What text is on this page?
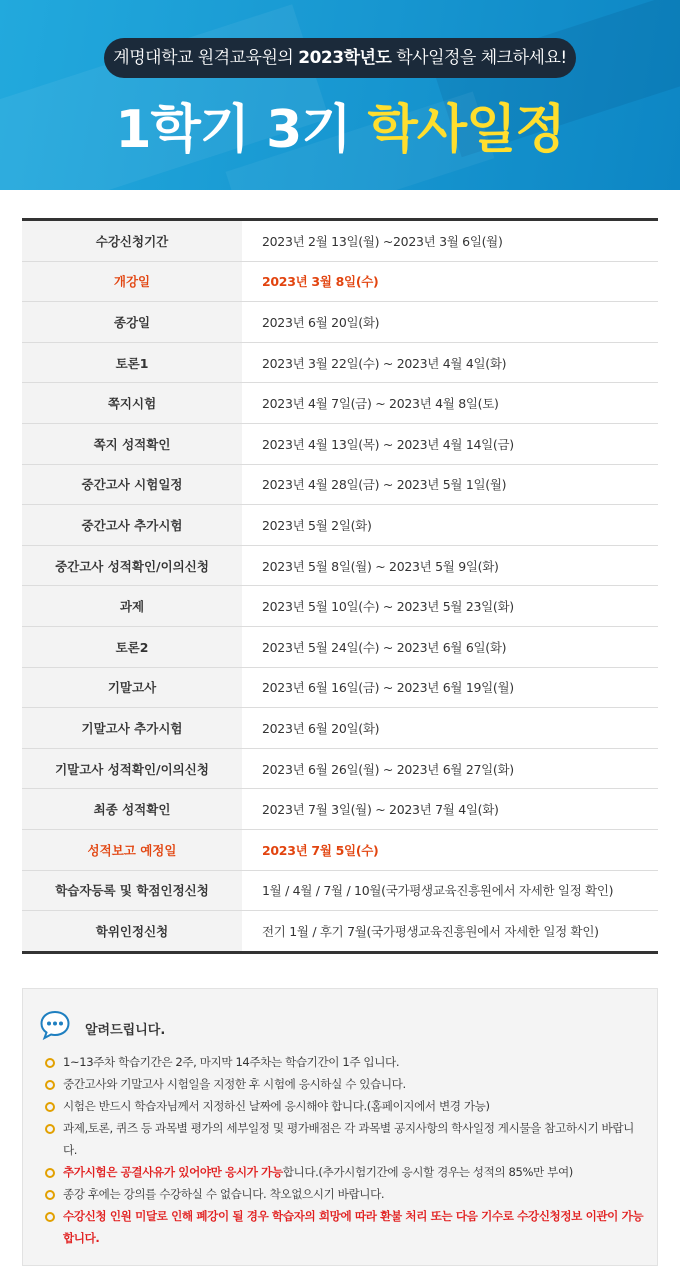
계명대학교 원격교육원의 2023학년도 학사일정을 체크하세요!
1학기 3기 학사일정
수강신청기간	2023년 2월 13일(월) ~2023년 3월 6일(월)
개강일	2023년 3월 8일(수)
종강일	2023년 6월 20일(화)
토론1	2023년 3월 22일(수) ~ 2023년 4월 4일(화)
쪽지시험	2023년 4월 7일(금) ~ 2023년 4월 8일(토)
쪽지 성적확인	2023년 4월 13일(목) ~ 2023년 4월 14일(금)
중간고사 시험일정	2023년 4월 28일(금) ~ 2023년 5월 1일(월)
중간고사 추가시험	2023년 5월 2일(화)
중간고사 성적확인/이의신청	2023년 5월 8일(월) ~ 2023년 5월 9일(화)
과제	2023년 5월 10일(수) ~ 2023년 5월 23일(화)
토론2	2023년 5월 24일(수) ~ 2023년 6월 6일(화)
기말고사	2023년 6월 16일(금) ~ 2023년 6월 19일(월)
기말고사 추가시험	2023년 6월 20일(화)
기말고사 성적확인/이의신청	2023년 6월 26일(월) ~ 2023년 6월 27일(화)
최종 성적확인	2023년 7월 3일(월) ~ 2023년 7월 4일(화)
성적보고 예정일	2023년 7월 5일(수)
학습자등록 및 학점인정신청	1월 / 4월 / 7월 / 10월(국가평생교육진흥원에서 자세한 일정 확인)
학위인정신청	전기 1월 / 후기 7월(국가평생교육진흥원에서 자세한 일정 확인)
알려드립니다.
1~13주차 학습기간은 2주, 마지막 14주차는 학습기간이 1주 입니다.
중간고사와 기말고사 시험일을 지정한 후 시험에 응시하실 수 있습니다.
시험은 반드시 학습자님께서 지정하신 날짜에 응시해야 합니다.(홈페이지에서 변경 가능)
과제,토론, 퀴즈 등 과목별 평가의 세부일정 및 평가배점은 각 과목별 공지사항의 학사일정 게시물을 참고하시기 바랍니다.
추가시험은 공결사유가 있어야만 응시가 가능합니다.(추가시험기간에 응시할 경우는 성적의 85%만 부여)
종강 후에는 강의를 수강하실 수 없습니다. 착오없으시기 바랍니다.
수강신청 인원 미달로 인해 폐강이 될 경우 학습자의 희망에 따라 환불 처리 또는 다음 기수로 수강신청정보 이관이 가능합니다.
